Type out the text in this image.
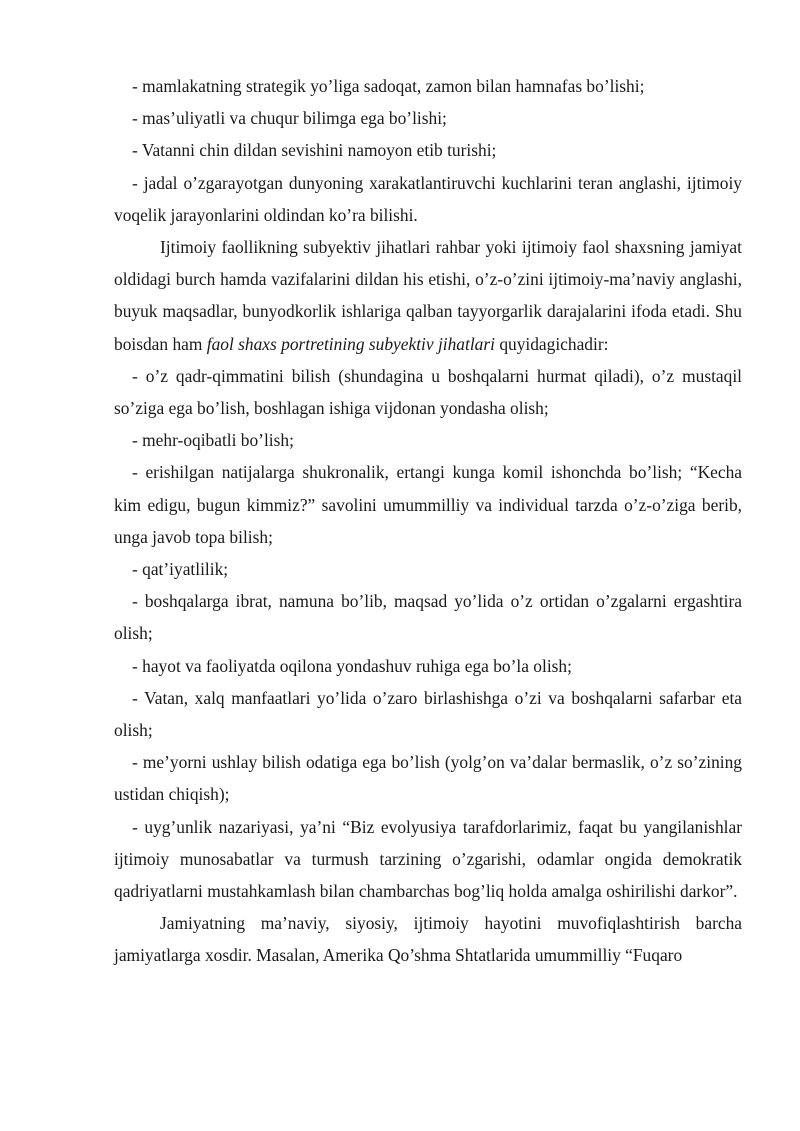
- mamlakatning strategik yo’liga sadoqat, zamon bilan hamnafas bo’lishi;

- mas’uliyatli va chuqur bilimga ega bo’lishi;

- Vatanni chin dildan sevishini namoyon etib turishi;

- jadal o’zgarayotgan dunyoning xarakatlantiruvchi kuchlarini teran anglashi, ijtimoiy voqelik jarayonlarini oldindan ko’ra bilishi.

Ijtimoiy faollikning subyektiv jihatlari rahbar yoki ijtimoiy faol shaxsning jamiyat oldidagi burch hamda vazifalarini dildan his etishi, o’z-o’zini ijtimoiy-ma’naviy anglashi, buyuk maqsadlar, bunyodkorlik ishlariga qalban tayyorgarlik darajalarini ifoda etadi. Shu boisdan ham faol shaxs portretining subyektiv jihatlari quyidagichadir:

- o’z qadr-qimmatini bilish (shundagina u boshqalarni hurmat qiladi), o’z mustaqil so’ziga ega bo’lish, boshlagan ishiga vijdonan yondasha olish;

- mehr-oqibatli bo’lish;

- erishilgan natijalarga shukronalik, ertangi kunga komil ishonchda bo’lish; “Kecha kim edigu, bugun kimmiz?” savolini umummilliy va individual tarzda o’z-o’ziga berib, unga javob topa bilish;

- qat’iyatlilik;

- boshqalarga ibrat, namuna bo’lib, maqsad yo’lida o’z ortidan o’zgalarni ergashtira olish;

- hayot va faoliyatda oqilona yondashuv ruhiga ega bo’la olish;

- Vatan, xalq manfaatlari yo’lida o’zaro birlashishga o’zi va boshqalarni safarbar eta olish;

- me’yorni ushlay bilish odatiga ega bo’lish (yolg’on va’dalar bermaslik, o’z so’zining ustidan chiqish);

- uyg’unlik nazariyasi, ya’ni “Biz evolyusiya tarafdorlarimiz, faqat bu yangilanishlar ijtimoiy munosabatlar va turmush tarzining o’zgarishi, odamlar ongida demokratik qadriyatlarni mustahkamlash bilan chambarchas bog’liq holda amalga oshirilishi darkor”.

Jamiyatning ma’naviy, siyosiy, ijtimoiy hayotini muvofiqlashtirish barcha jamiyatlarga xosdir. Masalan, Amerika Qo’shma Shtatlarida umummilliy “Fuqaro
